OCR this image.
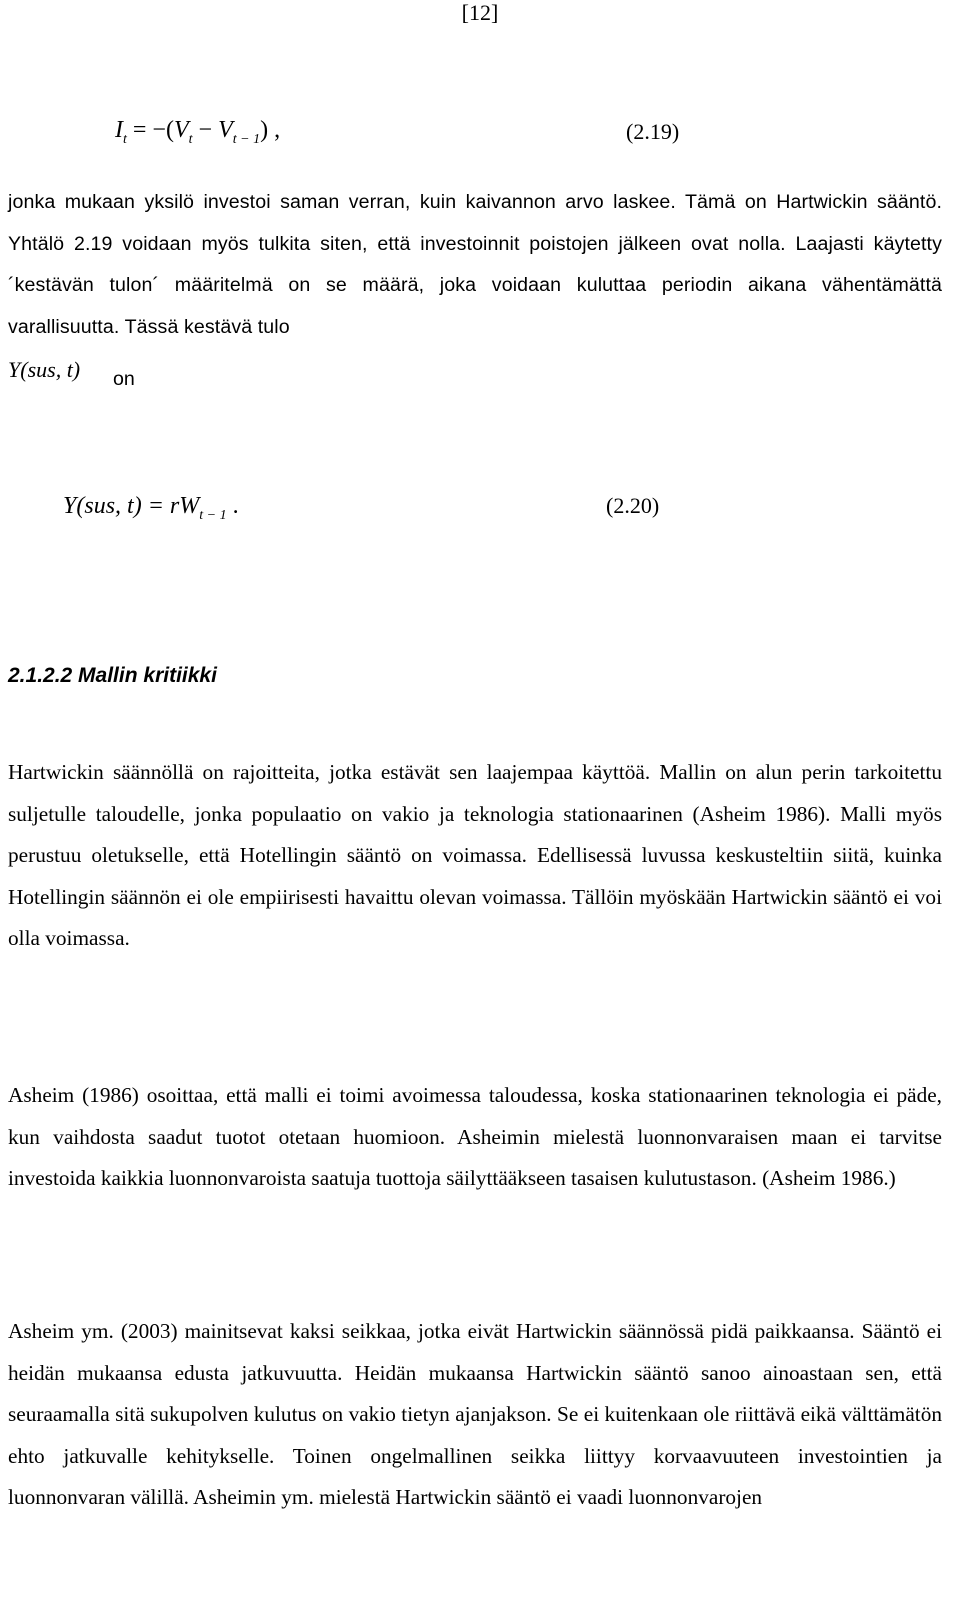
[12]
$I_t = -(V_t - V_{t - 1})$ ,	(2.19)
jonka mukaan yksilö investoi saman verran, kuin kaivannon arvo laskee. Tämä on Hartwickin sääntö. Yhtälö 2.19 voidaan myös tulkita siten, että investoinnit poistojen jälkeen ovat nolla. Laajasti käytetty ´kestävän tulon´ määritelmä on se määrä, joka voidaan kuluttaa periodin aikana vähentämättä varallisuutta. Tässä kestävä tulo
Y(sus, t) on
Y(sus, $t) = rW_{t - 1}$ .	(2.20)
2.1.2.2 Mallin kritiikki
Hartwickin säännöllä on rajoitteita, jotka estävät sen laajempaa käyttöä. Mallin on alun perin tarkoitettu suljetulle taloudelle, jonka populaatio on vakio ja teknologia stationaarinen (Asheim 1986). Malli myös perustuu oletukselle, että Hotellingin sääntö on voimassa. Edellisessä luvussa keskusteltiin siitä, kuinka Hotellingin säännön ei ole empiirisesti havaittu olevan voimassa. Tällöin myöskään Hartwickin sääntö ei voi olla voimassa.
Asheim (1986) osoittaa, että malli ei toimi avoimessa taloudessa, koska stationaarinen teknologia ei päde, kun vaihdosta saadut tuotot otetaan huomioon. Asheimin mielestä luonnonvaraisen maan ei tarvitse investoida kaikkia luonnonvaroista saatuja tuottoja säilyttääkseen tasaisen kulutustason. (Asheim 1986.)
Asheim ym. (2003) mainitsevat kaksi seikkaa, jotka eivät Hartwickin säännössä pidä paikkaansa. Sääntö ei heidän mukaansa edusta jatkuvuutta. Heidän mukaansa Hartwickin sääntö sanoo ainoastaan sen, että seuraamalla sitä sukupolven kulutus on vakio tietyn ajanjakson. Se ei kuitenkaan ole riittävä eikä välttämätön ehto jatkuvalle kehitykselle. Toinen ongelmallinen seikka liittyy korvaavuuteen investointien ja luonnonvaran välillä. Asheimin ym. mielestä Hartwickin sääntö ei vaadi luonnonvarojen
